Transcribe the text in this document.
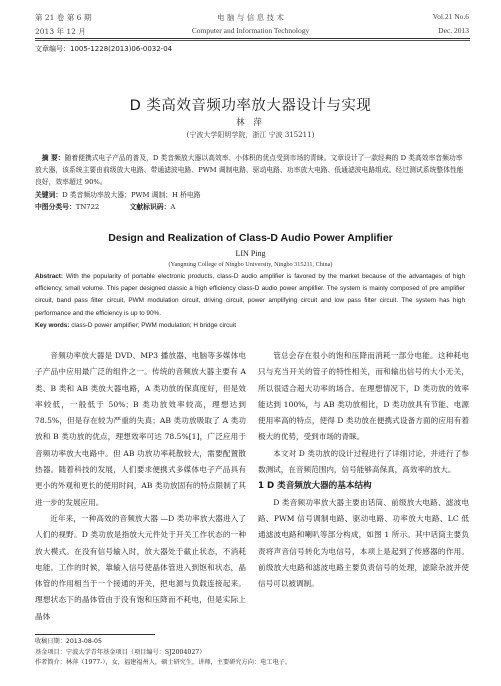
第 21 卷 第 6 期
2013 年 12 月
电 脑 与 信 息 技 术
Computer and Information Technology
Vol.21 No.6
Dec. 2013
文章编号：1005-1228(2013)06-0032-04
D 类高效音频功率放大器设计与实现
林 萍
(宁波大学阳明学院，浙江 宁波 315211)
摘 要：随着便携式电子产品的普及，D 类音频放大器以高效率、小体积的优点受到市场的青睐。文章设计了一款经典的 D 类高效率音频功率放大器，该系统主要由前级放大电路、带通滤波电路、PWM 调制电路、驱动电路、功率放大电路、低通滤波电路组成。经过测试系统整体性能良好，效率超过 90%。
关键词：D 类音频功率放大器；PWM 调制；H 桥电路
中图分类号：TN722	文献标识码：A
Design and Realization of Class-D Audio Power Amplifier
LIN Ping
(Yangming College of Ningbo University, Ningbo 315211, China)
Abstract: With the popularity of portable electronic products, class-D audio amplifier is favored by the market because of the advantages of high efficiency, small volume. This paper designed classic a high efficiency class-D audio power amplifier. The system is mainly composed of pre amplifier circuit, band pass filter circuit, PWM modulation circuit, driving circuit, power amplifying circuit and low pass filter circuit. The system has high performance and the efficiency is up to 90%.
Key words: class-D power amplifier; PWM modulation; H bridge circuit

音频功率放大器是 DVD、MP3 播放器、电脑等多媒体电子产品中应用最广泛的组件之一。传统的音频放大器主要有 A 类、B 类和 AB 类放大器电路，A 类功放的保真度好，但是效率较低，一般低于 50%；B 类功放效率较高，理想达到 78.5%，但是存在较为严重的失真；AB 类功放吸取了 A 类功放和 B 类功放的优点，理想效率可达 78.5%[1]，广泛应用于音频功率放大电路中。但 AB 功放功率耗散较大，需要配置散热器。随着科技的发展，人们要求便携式多媒体电子产品具有更小的外观和更长的使用时间，AB 类功放固有的特点限制了其进一步的发展应用。

近年来，一种高效的音频放大器 —D 类功率放大器进入了人们的视野。D 类功放是指放大元件处于开关工作状态的一种放大模式。在没有信号输入时，放大器处于截止状态，不消耗电能。工作的时候，靠输入信号使晶体管进入到饱和状态，晶体管的作用相当于一个接通的开关，把电源与负载连接起来。理想状态下的晶体管由于没有饱和压降而不耗电，但是实际上晶体

管总会存在很小的饱和压降而消耗一部分电能。这种耗电只与充当开关的管子的特性相关，而和输出信号的大小无关，所以很适合超大功率的场合。在理想情况下，D 类功放的效率能达到 100%，与 AB 类功放相比，D 类功放具有节能、电源使用率高的特点，使得 D 类功放在便携式设备方面的应用有着极大的优势，受到市场的青睐。

本文对 D 类功放的设计过程进行了详细讨论，并进行了参数测试，在音频范围内，信号能够高保真，高效率的放大。

1 D 类音频放大器的基本结构

D 类音频功率放大器主要由话筒、前级放大电路、滤波电路、PWM 信号调制电路、驱动电路、功率放大电路、LC 低通滤波电路和喇叭等部分构成，如图 1 所示。其中话筒主要负责将声音信号转化为电信号，本项上是起到了传感器的作用。前级放大电路和滤波电路主要负责信号的处理，滤除杂波并使信号可以被调制。

收稿日期：2013-08-05
基金项目：宁波大学青年基金项目（项目编号：SJ2004027）
作者简介：林萍（1977-），女，福建福州人，硕士研究生，讲师，主要研究方向：电工电子。
